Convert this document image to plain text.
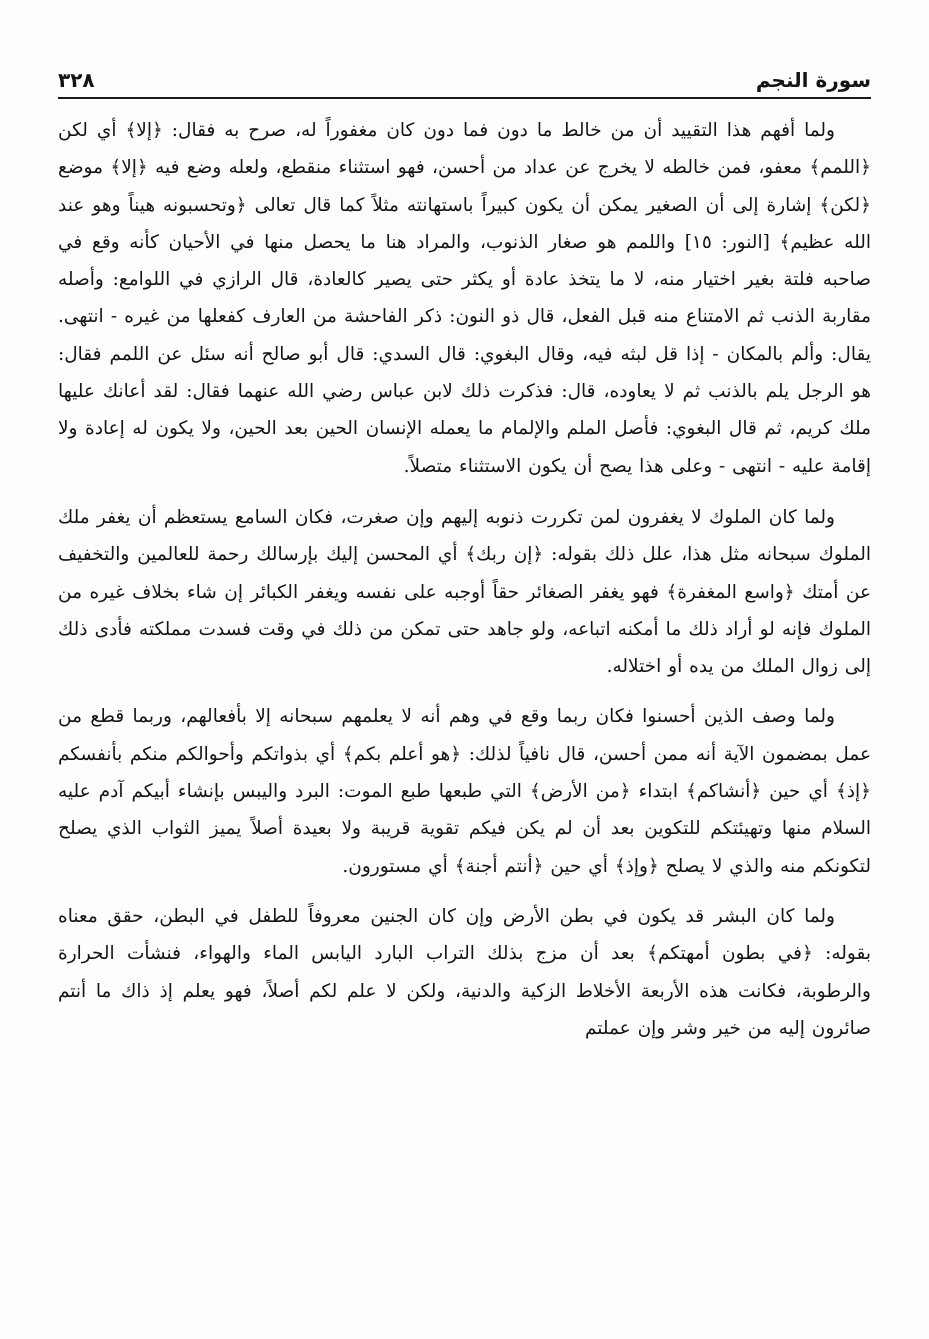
سورة النجم
٣٢٨

ولما أفهم هذا التقييد أن من خالط ما دون فما دون كان مغفوراً له، صرح به فقال: ﴿إلا﴾ أي لكن ﴿اللمم﴾ معفو، فمن خالطه لا يخرج عن عداد من أحسن، فهو استثناء منقطع، ولعله وضع فيه ﴿إلا﴾ موضع ﴿لكن﴾ إشارة إلى أن الصغير يمكن أن يكون كبيراً باستهانته مثلاً كما قال تعالى ﴿وتحسبونه هيناً وهو عند الله عظيم﴾ [النور: ١٥] واللمم هو صغار الذنوب، والمراد هنا ما يحصل منها في الأحيان كأنه وقع في صاحبه فلتة بغير اختيار منه، لا ما يتخذ عادة أو يكثر حتى يصير كالعادة، قال الرازي في اللوامع: وأصله مقاربة الذنب ثم الامتناع منه قبل الفعل، قال ذو النون: ذكر الفاحشة من العارف كفعلها من غيره - انتهى. يقال: وألم بالمكان - إذا قل لبثه فيه، وقال البغوي: قال السدي: قال أبو صالح أنه سئل عن اللمم فقال: هو الرجل يلم بالذنب ثم لا يعاوده، قال: فذكرت ذلك لابن عباس رضي الله عنهما فقال: لقد أعانك عليها ملك كريم، ثم قال البغوي: فأصل الملم والإلمام ما يعمله الإنسان الحين بعد الحين، ولا يكون له إعادة ولا إقامة عليه - انتهى - وعلى هذا يصح أن يكون الاستثناء متصلاً.

ولما كان الملوك لا يغفرون لمن تكررت ذنوبه إليهم وإن صغرت، فكان السامع يستعظم أن يغفر ملك الملوك سبحانه مثل هذا، علل ذلك بقوله: ﴿إن ربك﴾ أي المحسن إليك بإرسالك رحمة للعالمين والتخفيف عن أمتك ﴿واسع المغفرة﴾ فهو يغفر الصغائر حقاً أوجبه على نفسه ويغفر الكبائر إن شاء بخلاف غيره من الملوك فإنه لو أراد ذلك ما أمكنه اتباعه، ولو جاهد حتى تمكن من ذلك في وقت فسدت مملكته فأدى ذلك إلى زوال الملك من يده أو اختلاله.

ولما وصف الذين أحسنوا فكان ربما وقع في وهم أنه لا يعلمهم سبحانه إلا بأفعالهم، وربما قطع من عمل بمضمون الآية أنه ممن أحسن، قال نافياً لذلك: ﴿هو أعلم بكم﴾ أي بذواتكم وأحوالكم منكم بأنفسكم ﴿إذ﴾ أي حين ﴿أنشاكم﴾ ابتداء ﴿من الأرض﴾ التي طبعها طبع الموت: البرد واليبس بإنشاء أبيكم آدم عليه السلام منها وتهيئتكم للتكوين بعد أن لم يكن فيكم تقوية قريبة ولا بعيدة أصلاً يميز الثواب الذي يصلح لتكونكم منه والذي لا يصلح ﴿وإذ﴾ أي حين ﴿أنتم أجنة﴾ أي مستورون.

ولما كان البشر قد يكون في بطن الأرض وإن كان الجنين معروفاً للطفل في البطن، حقق معناه بقوله: ﴿في بطون أمهتكم﴾ بعد أن مزج بذلك التراب البارد اليابس الماء والهواء، فنشأت الحرارة والرطوبة، فكانت هذه الأربعة الأخلاط الزكية والدنية، ولكن لا علم لكم أصلاً، فهو يعلم إذ ذاك ما أنتم صائرون إليه من خير وشر وإن عملتم
